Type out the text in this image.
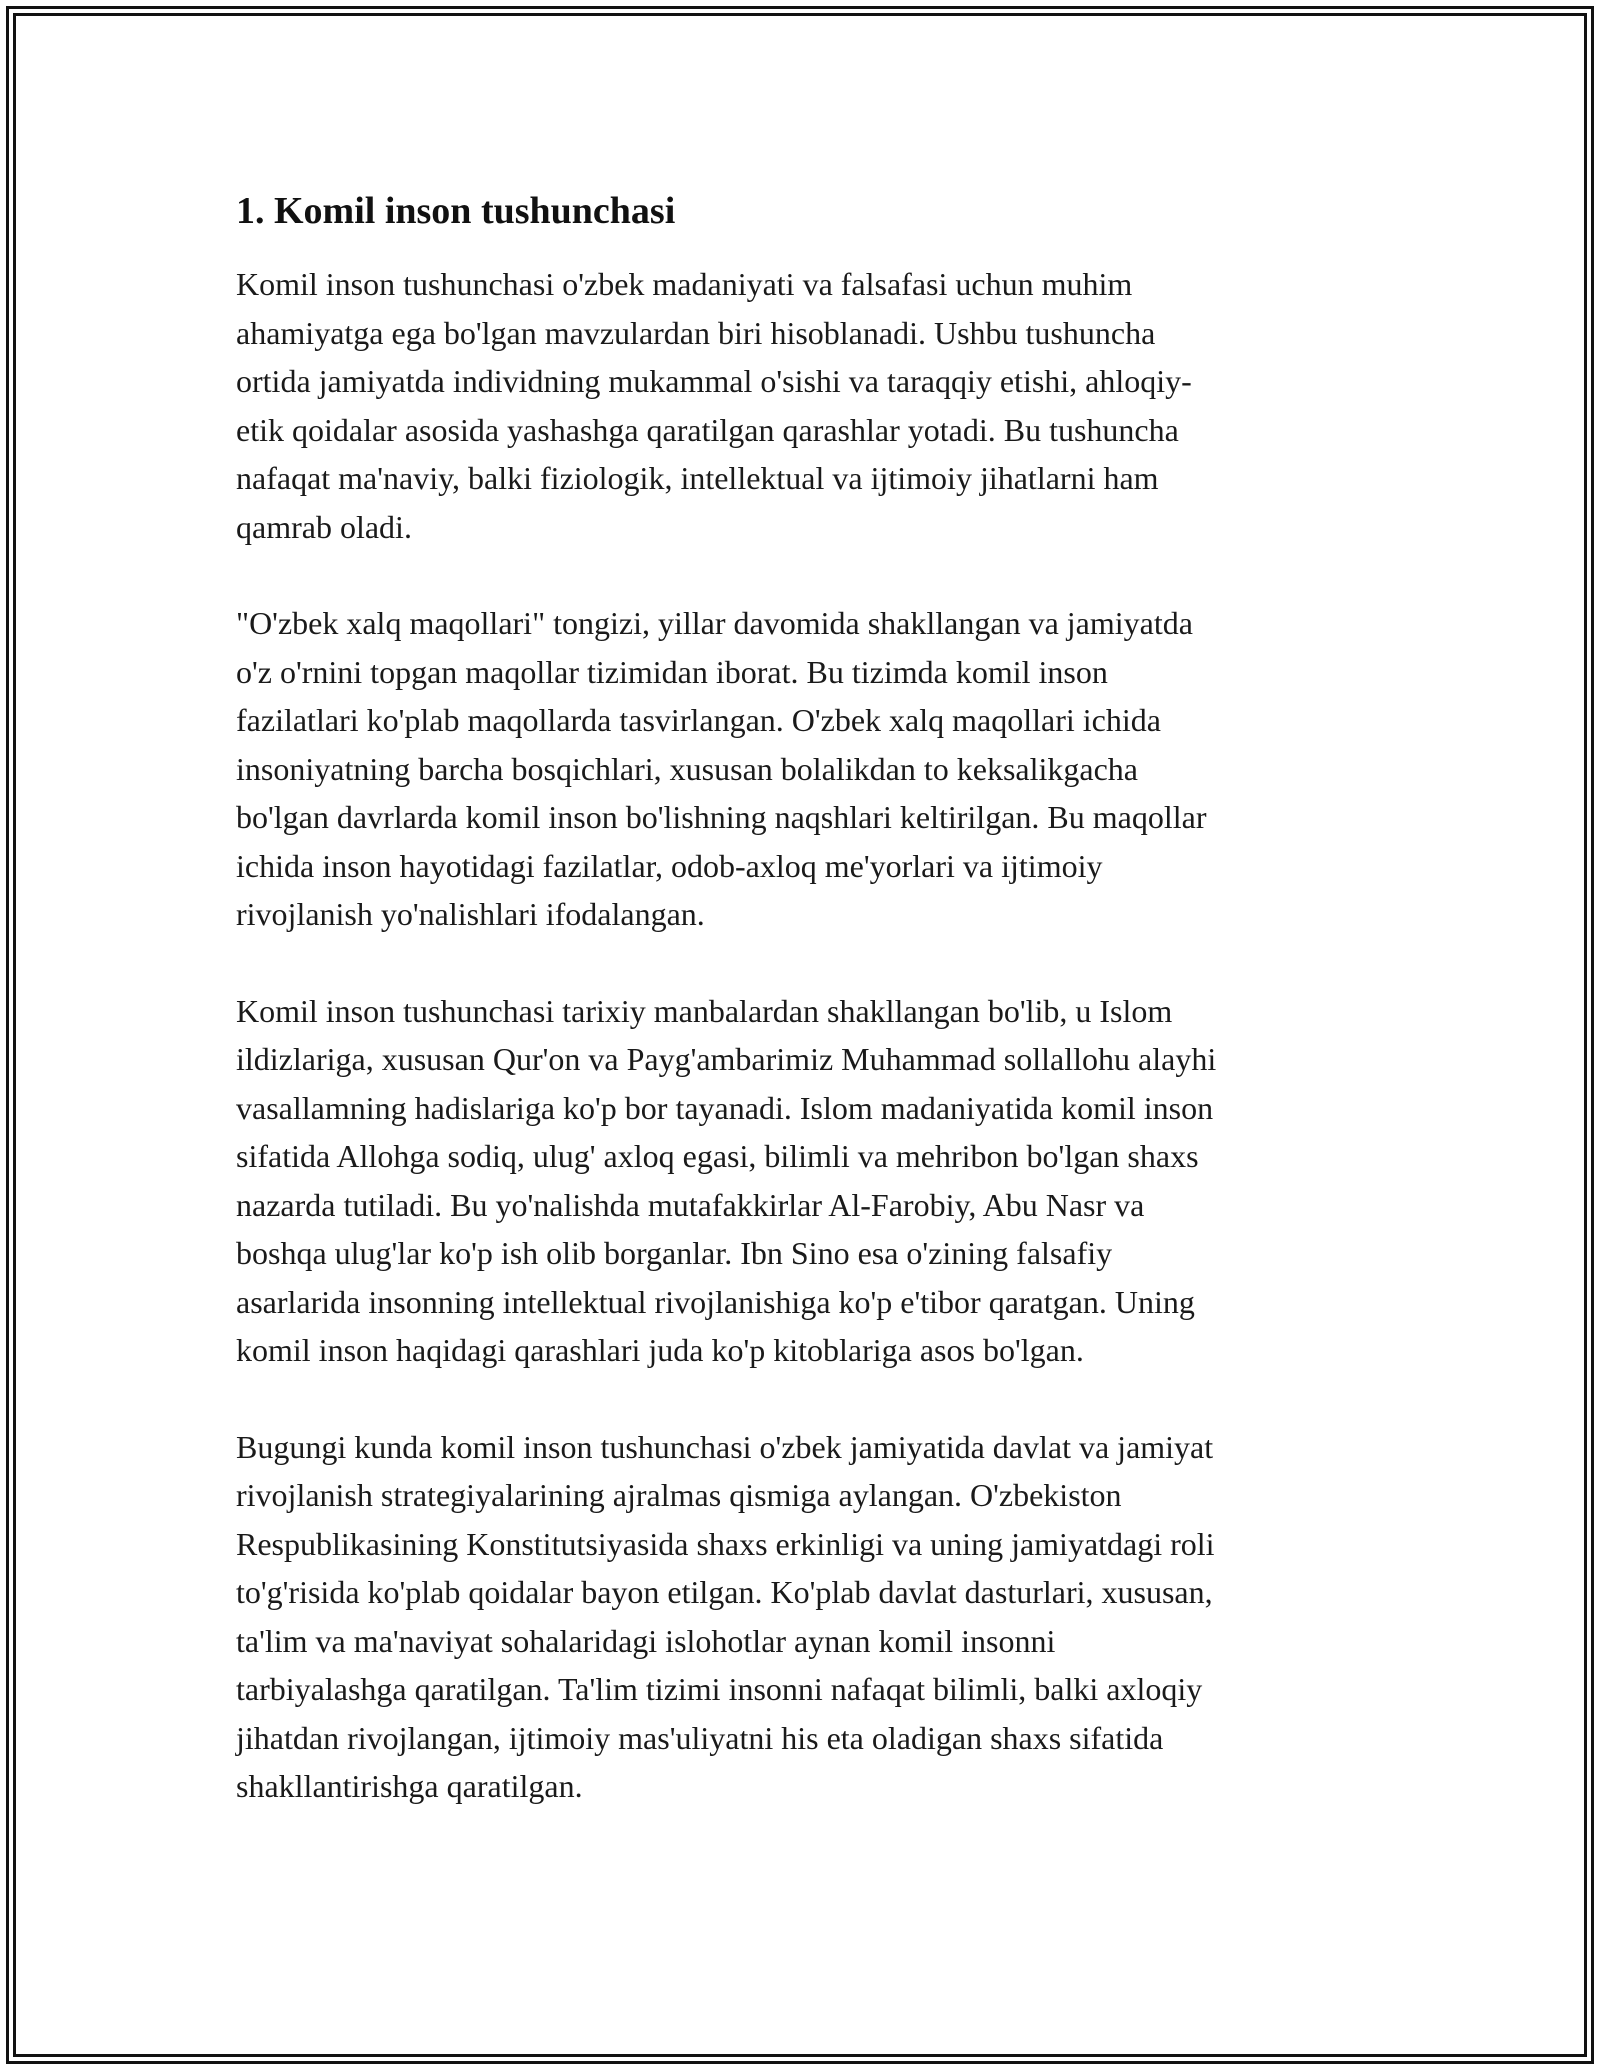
1. Komil inson tushunchasi

Komil inson tushunchasi o'zbek madaniyati va falsafasi uchun muhim
ahamiyatga ega bo'lgan mavzulardan biri hisoblanadi. Ushbu tushuncha
ortida jamiyatda individning mukammal o'sishi va taraqqiy etishi, ahloqiy-
etik qoidalar asosida yashashga qaratilgan qarashlar yotadi. Bu tushuncha
nafaqat ma'naviy, balki fiziologik, intellektual va ijtimoiy jihatlarni ham
qamrab oladi.

"O'zbek xalq maqollari" tongizi, yillar davomida shakllangan va jamiyatda
o'z o'rnini topgan maqollar tizimidan iborat. Bu tizimda komil inson
fazilatlari ko'plab maqollarda tasvirlangan. O'zbek xalq maqollari ichida
insoniyatning barcha bosqichlari, xususan bolalikdan to keksalikgacha
bo'lgan davrlarda komil inson bo'lishning naqshlari keltirilgan. Bu maqollar
ichida inson hayotidagi fazilatlar, odob-axloq me'yorlari va ijtimoiy
rivojlanish yo'nalishlari ifodalangan.

Komil inson tushunchasi tarixiy manbalardan shakllangan bo'lib, u Islom
ildizlariga, xususan Qur'on va Payg'ambarimiz Muhammad sollallohu alayhi
vasallamning hadislariga ko'p bor tayanadi. Islom madaniyatida komil inson
sifatida Allohga sodiq, ulug' axloq egasi, bilimli va mehribon bo'lgan shaxs
nazarda tutiladi. Bu yo'nalishda mutafakkirlar Al-Farobiy, Abu Nasr va
boshqa ulug'lar ko'p ish olib borganlar. Ibn Sino esa o'zining falsafiy
asarlarida insonning intellektual rivojlanishiga ko'p e'tibor qaratgan. Uning
komil inson haqidagi qarashlari juda ko'p kitoblariga asos bo'lgan.

Bugungi kunda komil inson tushunchasi o'zbek jamiyatida davlat va jamiyat
rivojlanish strategiyalarining ajralmas qismiga aylangan. O'zbekiston
Respublikasining Konstitutsiyasida shaxs erkinligi va uning jamiyatdagi roli
to'g'risida ko'plab qoidalar bayon etilgan. Ko'plab davlat dasturlari, xususan,
ta'lim va ma'naviyat sohalaridagi islohotlar aynan komil insonni
tarbiyalashga qaratilgan. Ta'lim tizimi insonni nafaqat bilimli, balki axloqiy
jihatdan rivojlangan, ijtimoiy mas'uliyatni his eta oladigan shaxs sifatida
shakllantirishga qaratilgan.
